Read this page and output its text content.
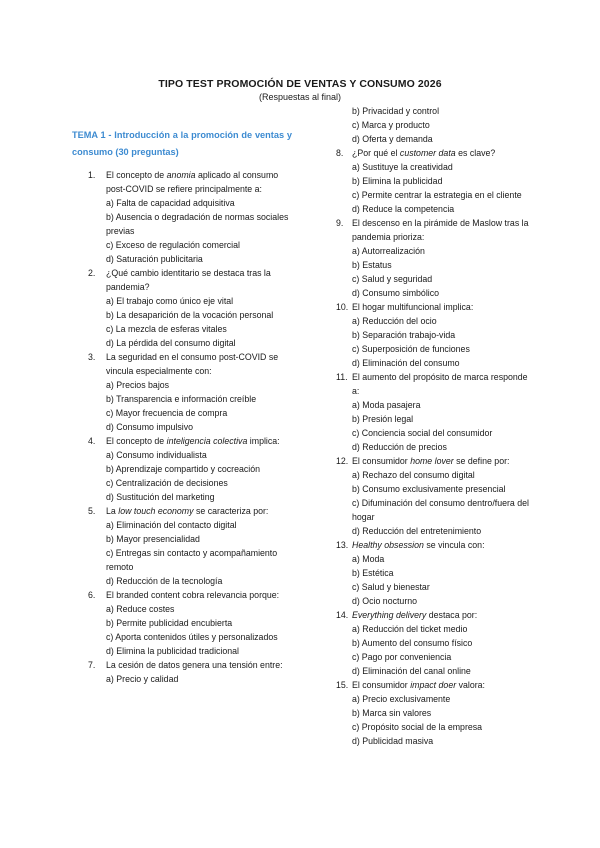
TIPO TEST PROMOCIÓN DE VENTAS Y CONSUMO 2026
(Respuestas al final)
TEMA 1 - Introducción a la promoción de ventas y consumo (30 preguntas)
1. El concepto de anomia aplicado al consumo post-COVID se refiere principalmente a:
a) Falta de capacidad adquisitiva
b) Ausencia o degradación de normas sociales previas
c) Exceso de regulación comercial
d) Saturación publicitaria
2. ¿Qué cambio identitario se destaca tras la pandemia?
a) El trabajo como único eje vital
b) La desaparición de la vocación personal
c) La mezcla de esferas vitales
d) La pérdida del consumo digital
3. La seguridad en el consumo post-COVID se vincula especialmente con:
a) Precios bajos
b) Transparencia e información creíble
c) Mayor frecuencia de compra
d) Consumo impulsivo
4. El concepto de inteligencia colectiva implica:
a) Consumo individualista
b) Aprendizaje compartido y cocreación
c) Centralización de decisiones
d) Sustitución del marketing
5. La low touch economy se caracteriza por:
a) Eliminación del contacto digital
b) Mayor presencialidad
c) Entregas sin contacto y acompañamiento remoto
d) Reducción de la tecnología
6. El branded content cobra relevancia porque:
a) Reduce costes
b) Permite publicidad encubierta
c) Aporta contenidos útiles y personalizados
d) Elimina la publicidad tradicional
7. La cesión de datos genera una tensión entre:
a) Precio y calidad
b) Privacidad y control
c) Marca y producto
d) Oferta y demanda
8. ¿Por qué el customer data es clave?
a) Sustituye la creatividad
b) Elimina la publicidad
c) Permite centrar la estrategia en el cliente
d) Reduce la competencia
9. El descenso en la pirámide de Maslow tras la pandemia prioriza:
a) Autorrealización
b) Estatus
c) Salud y seguridad
d) Consumo simbólico
10. El hogar multifuncional implica:
a) Reducción del ocio
b) Separación trabajo-vida
c) Superposición de funciones
d) Eliminación del consumo
11. El aumento del propósito de marca responde a:
a) Moda pasajera
b) Presión legal
c) Conciencia social del consumidor
d) Reducción de precios
12. El consumidor home lover se define por:
a) Rechazo del consumo digital
b) Consumo exclusivamente presencial
c) Difuminación del consumo dentro/fuera del hogar
d) Reducción del entretenimiento
13. Healthy obsession se vincula con:
a) Moda
b) Estética
c) Salud y bienestar
d) Ocio nocturno
14. Everything delivery destaca por:
a) Reducción del ticket medio
b) Aumento del consumo físico
c) Pago por conveniencia
d) Eliminación del canal online
15. El consumidor impact doer valora:
a) Precio exclusivamente
b) Marca sin valores
c) Propósito social de la empresa
d) Publicidad masiva
